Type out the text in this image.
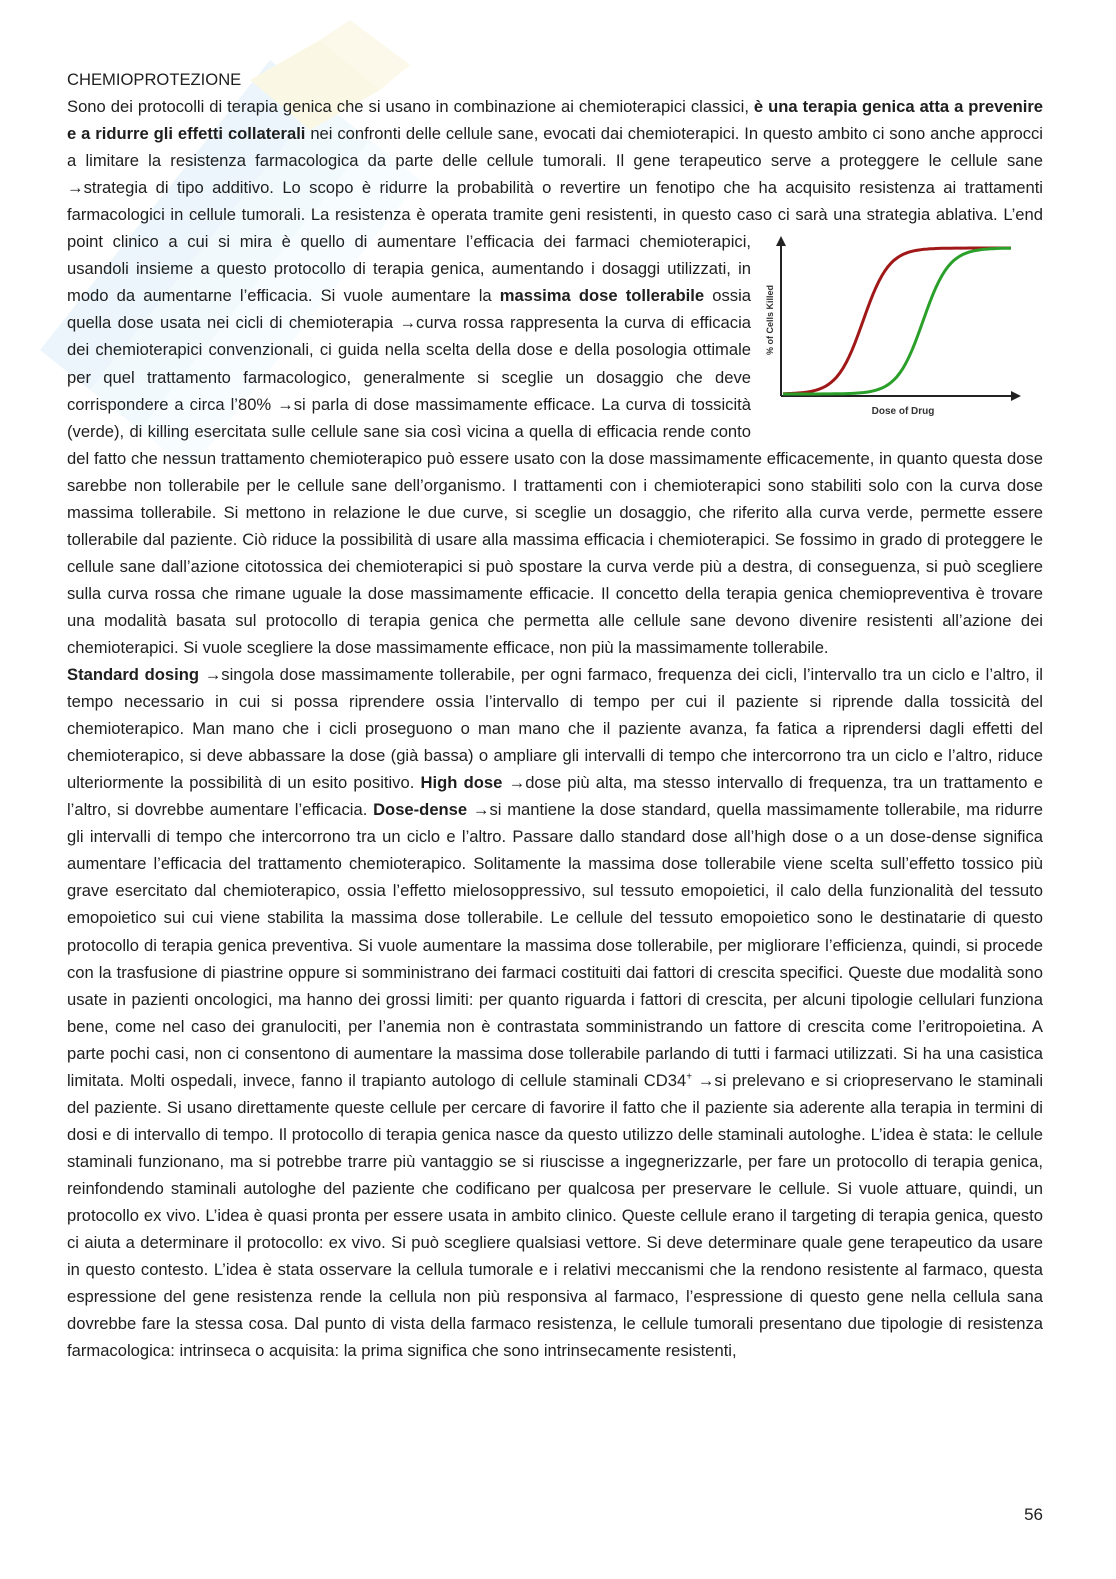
CHEMIOPROTEZIONE

Sono dei protocolli di terapia genica che si usano in combinazione ai chemioterapici classici, è una terapia genica atta a prevenire e a ridurre gli effetti collaterali nei confronti delle cellule sane, evocati dai chemioterapici. In questo ambito ci sono anche approcci a limitare la resistenza farmacologica da parte delle cellule tumorali. Il gene terapeutico serve a proteggere le cellule sane →strategia di tipo additivo. Lo scopo è ridurre la probabilità o revertire un fenotipo che ha acquisito resistenza ai trattamenti farmacologici in cellule tumorali. La resistenza è operata tramite geni resistenti, in questo caso ci sarà una strategia ablativa.
% of Cells Killed
Dose of Drug
L’end point clinico a cui si mira è quello di aumentare l’efficacia dei farmaci chemioterapici, usandoli insieme a questo protocollo di terapia genica, aumentando i dosaggi utilizzati, in modo da aumentarne l’efficacia. Si vuole aumentare la massima dose tollerabile ossia quella dose usata nei cicli di chemioterapia →curva rossa rappresenta la curva di efficacia dei chemioterapici convenzionali, ci guida nella scelta della dose e della posologia ottimale per quel trattamento farmacologico, generalmente si sceglie un dosaggio che deve corrispondere a circa l’80% →si parla di dose massimamente efficace. La curva di tossicità (verde), di killing esercitata sulle cellule sane sia così vicina a quella di efficacia rende conto del fatto che nessun trattamento chemioterapico può essere usato con la dose massimamente efficacemente, in quanto questa dose sarebbe non tollerabile per le cellule sane dell’organismo. I trattamenti con i chemioterapici sono stabiliti solo con la curva dose massima tollerabile. Si mettono in relazione le due curve, si sceglie un dosaggio, che riferito alla curva verde, permette essere tollerabile dal paziente. Ciò riduce la possibilità di usare alla massima efficacia i chemioterapici. Se fossimo in grado di proteggere le cellule sane dall’azione citotossica dei chemioterapici si può spostare la curva verde più a destra, di conseguenza, si può scegliere sulla curva rossa che rimane uguale la dose massimamente efficacie. Il concetto della terapia genica chemiopreventiva è trovare una modalità basata sul protocollo di terapia genica che permetta alle cellule sane devono divenire resistenti all’azione dei chemioterapici. Si vuole scegliere la dose massimamente efficace, non più la massimamente tollerabile.

Standard dosing →singola dose massimamente tollerabile, per ogni farmaco, frequenza dei cicli, l’intervallo tra un ciclo e l’altro, il tempo necessario in cui si possa riprendere ossia l’intervallo di tempo per cui il paziente si riprende dalla tossicità del chemioterapico. Man mano che i cicli proseguono o man mano che il paziente avanza, fa fatica a riprendersi dagli effetti del chemioterapico, si deve abbassare la dose (già bassa) o ampliare gli intervalli di tempo che intercorrono tra un ciclo e l’altro, riduce ulteriormente la possibilità di un esito positivo. High dose →dose più alta, ma stesso intervallo di frequenza, tra un trattamento e l’altro, si dovrebbe aumentare l’efficacia. Dose-dense →si mantiene la dose standard, quella massimamente tollerabile, ma ridurre gli intervalli di tempo che intercorrono tra un ciclo e l’altro. Passare dallo standard dose all’high dose o a un dose-dense significa aumentare l’efficacia del trattamento chemioterapico. Solitamente la massima dose tollerabile viene scelta sull’effetto tossico più grave esercitato dal chemioterapico, ossia l’effetto mielosoppressivo, sul tessuto emopoietici, il calo della funzionalità del tessuto emopoietico sui cui viene stabilita la massima dose tollerabile. Le cellule del tessuto emopoietico sono le destinatarie di questo protocollo di terapia genica preventiva. Si vuole aumentare la massima dose tollerabile, per migliorare l’efficienza, quindi, si procede con la trasfusione di piastrine oppure si somministrano dei farmaci costituiti dai fattori di crescita specifici. Queste due modalità sono usate in pazienti oncologici, ma hanno dei grossi limiti: per quanto riguarda i fattori di crescita, per alcuni tipologie cellulari funziona bene, come nel caso dei granulociti, per l’anemia non è contrastata somministrando un fattore di crescita come l’eritropoietina. A parte pochi casi, non ci consentono di aumentare la massima dose tollerabile parlando di tutti i farmaci utilizzati. Si ha una casistica limitata. Molti ospedali, invece, fanno il trapianto autologo di cellule staminali CD34+ →si prelevano e si criopreservano le staminali del paziente. Si usano direttamente queste cellule per cercare di favorire il fatto che il paziente sia aderente alla terapia in termini di dosi e di intervallo di tempo. Il protocollo di terapia genica nasce da questo utilizzo delle staminali autologhe. L’idea è stata: le cellule staminali funzionano, ma si potrebbe trarre più vantaggio se si riuscisse a ingegnerizzarle, per fare un protocollo di terapia genica, reinfondendo staminali autologhe del paziente che codificano per qualcosa per preservare le cellule. Si vuole attuare, quindi, un protocollo ex vivo. L’idea è quasi pronta per essere usata in ambito clinico. Queste cellule erano il targeting di terapia genica, questo ci aiuta a determinare il protocollo: ex vivo. Si può scegliere qualsiasi vettore. Si deve determinare quale gene terapeutico da usare in questo contesto. L’idea è stata osservare la cellula tumorale e i relativi meccanismi che la rendono resistente al farmaco, questa espressione del gene resistenza rende la cellula non più responsiva al farmaco, l’espressione di questo gene nella cellula sana dovrebbe fare la stessa cosa. Dal punto di vista della farmaco resistenza, le cellule tumorali presentano due tipologie di resistenza farmacologica: intrinseca o acquisita: la prima significa che sono intrinsecamente resistenti,

56
